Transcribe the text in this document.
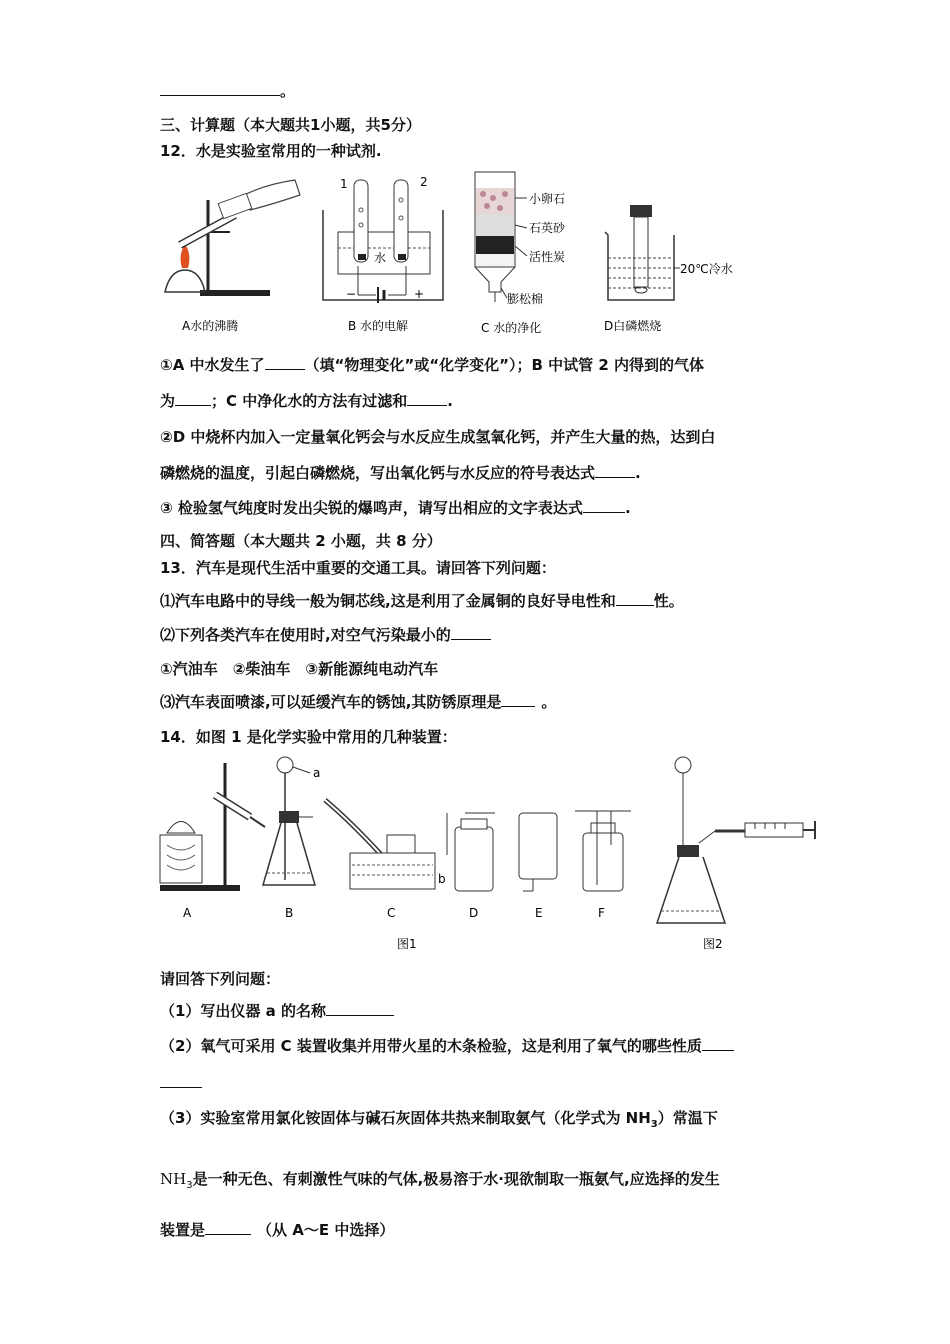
。
三、计算题（本大题共1小题，共5分）
12．水是实验室常用的一种试剂.
A水的沸腾
1	2
水
−	+
B 水的电解
小卵石
石英砂
活性炭
膨松棉
C 水的净化
20℃冷水
D白磷燃烧
①A 中水发生了	（填“物理变化”或“化学变化”）；B 中试管 2 内得到的气体
为 ；C 中净化水的方法有过滤和	.
②D 中烧杯内加入一定量氧化钙会与水反应生成氢氧化钙，并产生大量的热，达到白
磷燃烧的温度，引起白磷燃烧，写出氧化钙与水反应的符号表达式	.
③ 检验氢气纯度时发出尖锐的爆鸣声，请写出相应的文字表达式	.
四、简答题（本大题共 2 小题，共 8 分）
13．汽车是现代生活中重要的交通工具。请回答下列问题：
⑴汽车电路中的导线一般为铜芯线,这是利用了金属铜的良好导电性和	性。
⑵下列各类汽车在使用时,对空气污染最小的
①汽油车　②柴油车　③新能源纯电动汽车
⑶汽车表面喷漆,可以延缓汽车的锈蚀,其防锈原理是	。
14．如图 1 是化学实验中常用的几种装置：
A
a
B	C
b
D	E	F
图1	图2
请回答下列问题：
（1）写出仪器 a 的名称
（2）氧气可采用 C 装置收集并用带火星的木条检验，这是利用了氧气的哪些性质
（3）实验室常用氯化铵固体与碱石灰固体共热来制取氨气（化学式为 $NH_3$）常温下
$NH_3$是一种无色、有刺激性气味的气体,极易溶于水·现欲制取一瓶氨气,应选择的发生
装置是	（从 A～E 中选择）
